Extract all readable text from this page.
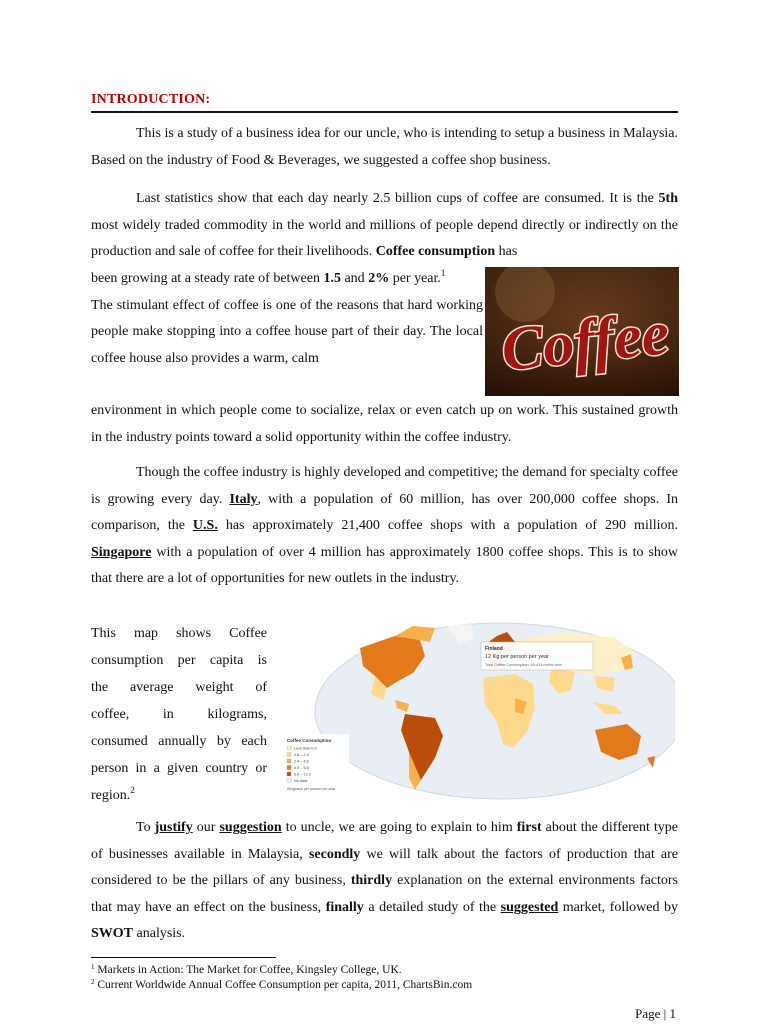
INTRODUCTION:

This is a study of a business idea for our uncle, who is intending to setup a business in Malaysia. Based on the industry of Food & Beverages, we suggested a coffee shop business.

Last statistics show that each day nearly 2.5 billion cups of coffee are consumed. It is the 5th most widely traded commodity in the world and millions of people depend directly or indirectly on the production and sale of coffee for their livelihoods. Coffee consumption has

been growing at a steady rate of between 1.5 and 2% per year.$^1$
The stimulant effect of coffee is one of the reasons that hard working people make stopping into a coffee house part of their day. The local coffee house also provides a warm, calm	Coffee

environment in which people come to socialize, relax or even catch up on work. This sustained growth in the industry points toward a solid opportunity within the coffee industry.

Though the coffee industry is highly developed and competitive; the demand for specialty coffee is growing every day. Italy, with a population of 60 million, has over 200,000 coffee shops. In comparison, the U.S. has approximately 21,400 coffee shops with a population of 290 million. Singapore with a population of over 4 million has approximately 1800 coffee shops. This is to show that there are a lot of opportunities for new outlets in the industry.

This map shows Coffee
consumption per capita is
the average weight of
coffee, in kilograms,
consumed annually by each
person in a given country or
region.$^2$
Finland
12 Kg per person per year
Total Coffee Consumption: 63,414 metric tons
Coffee Consumption
Less than 0.0
0.6 – 2.4
2.4 – 4.5
4.5 – 6.6
6.6 – 12.0
No data
Kilograms per person per year

To justify our suggestion to uncle, we are going to explain to him first about the different type of businesses available in Malaysia, secondly we will talk about the factors of production that are considered to be the pillars of any business, thirdly explanation on the external environments factors that may have an effect on the business, finally a detailed study of the suggested market, followed by SWOT analysis.

$^1$ Markets in Action: The Market for Coffee, Kingsley College, UK.
$^2$ Current Worldwide Annual Coffee Consumption per capita, 2011, ChartsBin.com
Page | 1
